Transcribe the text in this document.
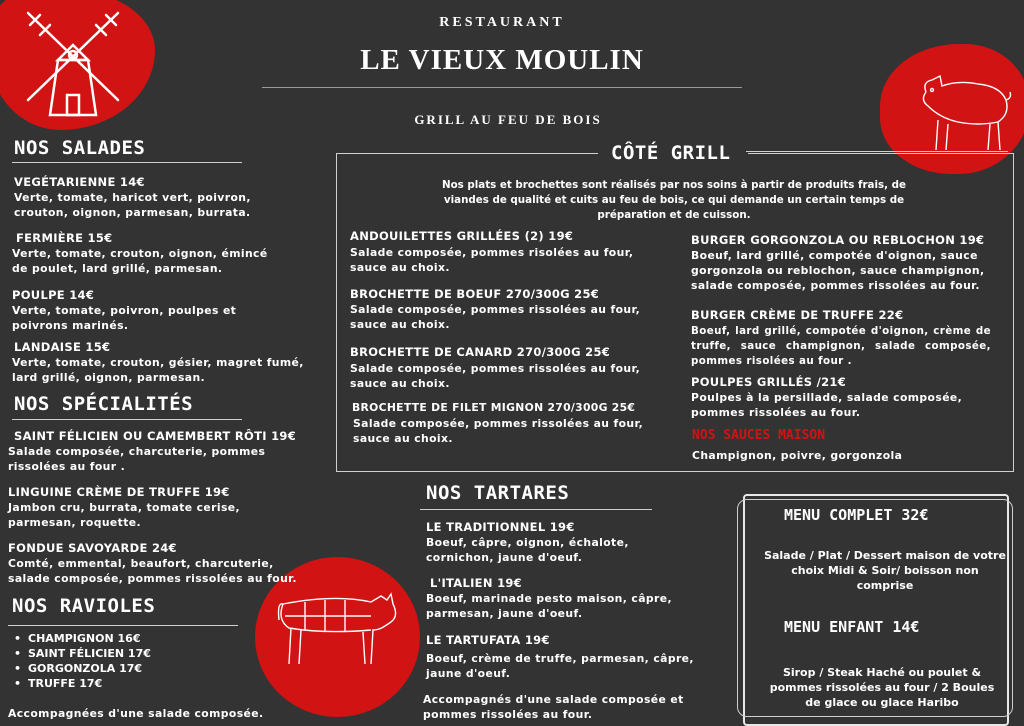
RESTAURANT
LE VIEUX MOULIN
GRILL AU FEU DE BOIS
NOS SALADES
VEGÉTARIENNE 14€
Verte, tomate, haricot vert, poivron, crouton, oignon, parmesan, burrata.
FERMIÈRE 15€
Verte, tomate, crouton, oignon, émincé de poulet, lard grillé, parmesan.
POULPE 14€
Verte, tomate, poivron, poulpes et poivrons marinés.
LANDAISE 15€
Verte, tomate, crouton, gésier, magret fumé, lard grillé, oignon, parmesan.
NOS SPÉCIALITÉS
SAINT FÉLICIEN OU CAMEMBERT RÔTI 19€
Salade composée, charcuterie, pommes rissolées au four .
LINGUINE CRÈME DE TRUFFE 19€
Jambon cru, burrata, tomate cerise, parmesan, roquette.
FONDUE SAVOYARDE 24€
Comté, emmental, beaufort, charcuterie, salade composée, pommes rissolées au four.
NOS RAVIOLES
• CHAMPIGNON 16€
• SAINT FÉLICIEN 17€
• GORGONZOLA 17€
• TRUFFE 17€
Accompagnées d'une salade composée.
CÔTÉ GRILL
Nos plats et brochettes sont réalisés par nos soins à partir de produits frais, de viandes de qualité et cuits au feu de bois, ce qui demande un certain temps de préparation et de cuisson.
ANDOUILETTES GRILLÉES (2) 19€
Salade composée, pommes risolées au four, sauce au choix.
BROCHETTE DE BOEUF 270/300G 25€
Salade composée, pommes rissolées au four, sauce au choix.
BROCHETTE DE CANARD 270/300G 25€
Salade composée, pommes rissolées au four, sauce au choix.
BROCHETTE DE FILET MIGNON 270/300G 25€
Salade composée, pommes rissolées au four, sauce au choix.
BURGER GORGONZOLA OU REBLOCHON 19€
Boeuf, lard grillé, compotée d'oignon, sauce gorgonzola ou reblochon, sauce champignon, salade composée, pommes rissolées au four.
BURGER CRÈME DE TRUFFE 22€
Boeuf, lard grillé, compotée d'oignon, crème de truffe, sauce champignon, salade composée, pommes risolées au four .
POULPES GRILLÉS /21€
Poulpes à la persillade, salade composée, pommes rissolées au four.
NOS SAUCES MAISON
Champignon, poivre, gorgonzola
NOS TARTARES
LE TRADITIONNEL 19€
Boeuf, câpre, oignon, échalote, cornichon, jaune d'oeuf.
L'ITALIEN 19€
Boeuf, marinade pesto maison, câpre, parmesan, jaune d'oeuf.
LE TARTUFATA 19€
Boeuf, crème de truffe, parmesan, câpre, jaune d'oeuf.
Accompagnés d'une salade composée et pommes rissolées au four.
MENU COMPLET 32€
Salade / Plat / Dessert maison de votre choix Midi & Soir/ boisson non comprise
MENU ENFANT 14€
Sirop / Steak Haché ou poulet & pommes rissolées au four / 2 Boules de glace ou glace Haribo
